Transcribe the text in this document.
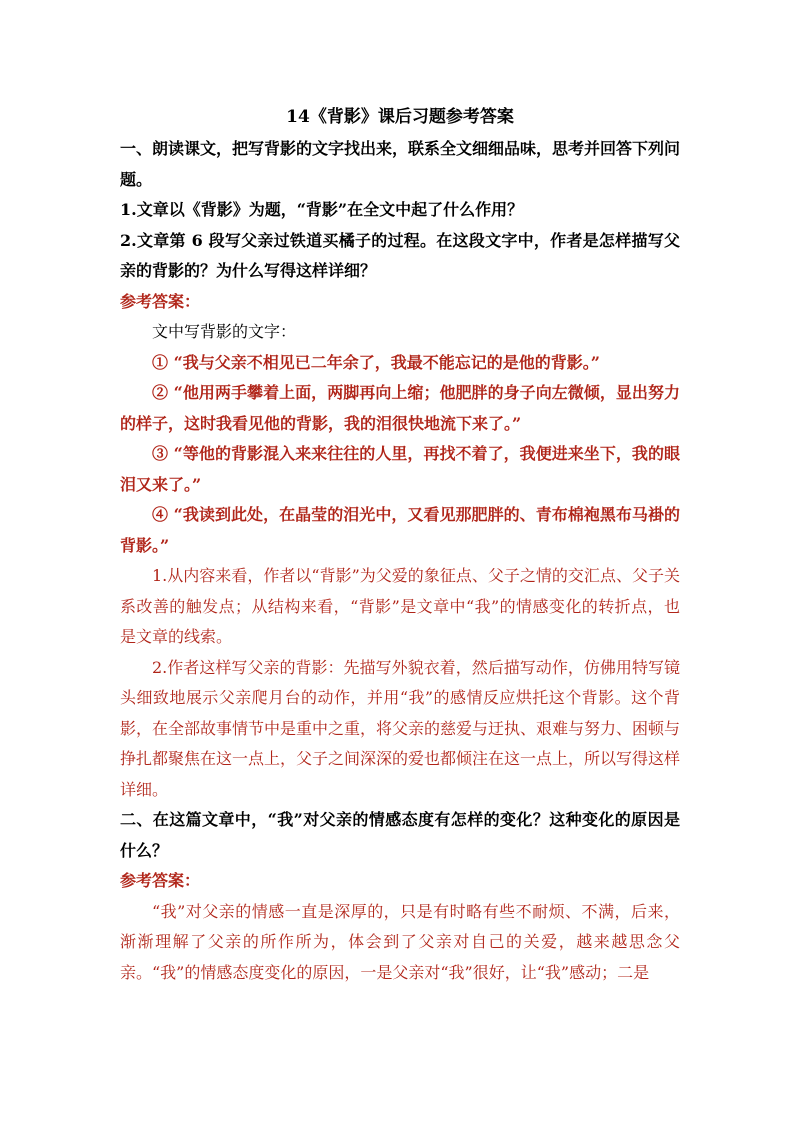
14《背影》课后习题参考答案

一、朗读课文，把写背影的文字找出来，联系全文细细品味，思考并回答下列问题。

1.文章以《背影》为题，“背影”在全文中起了什么作用？

2.文章第 6 段写父亲过铁道买橘子的过程。在这段文字中，作者是怎样描写父亲的背影的？为什么写得这样详细？

参考答案：

文中写背影的文字：

① “我与父亲不相见已二年余了，我最不能忘记的是他的背影。”

② “他用两手攀着上面，两脚再向上缩；他肥胖的身子向左微倾，显出努力的样子，这时我看见他的背影，我的泪很快地流下来了。”

③ “等他的背影混入来来往往的人里，再找不着了，我便进来坐下，我的眼泪又来了。”

④ “我读到此处，在晶莹的泪光中，又看见那肥胖的、青布棉袍黑布马褂的背影。”

1.从内容来看，作者以“背影”为父爱的象征点、父子之情的交汇点、父子关系改善的触发点；从结构来看，“背影”是文章中“我”的情感变化的转折点，也是文章的线索。

2.作者这样写父亲的背影：先描写外貌衣着，然后描写动作，仿佛用特写镜头细致地展示父亲爬月台的动作，并用“我”的感情反应烘托这个背影。这个背影，在全部故事情节中是重中之重，将父亲的慈爱与迂执、艰难与努力、困顿与挣扎都聚焦在这一点上，父子之间深深的爱也都倾注在这一点上，所以写得这样详细。

二、在这篇文章中，“我”对父亲的情感态度有怎样的变化？这种变化的原因是什么？

参考答案：

“我”对父亲的情感一直是深厚的，只是有时略有些不耐烦、不满，后来，渐渐理解了父亲的所作所为，体会到了父亲对自己的关爱，越来越思念父亲。“我”的情感态度变化的原因，一是父亲对“我”很好，让“我”感动；二是
